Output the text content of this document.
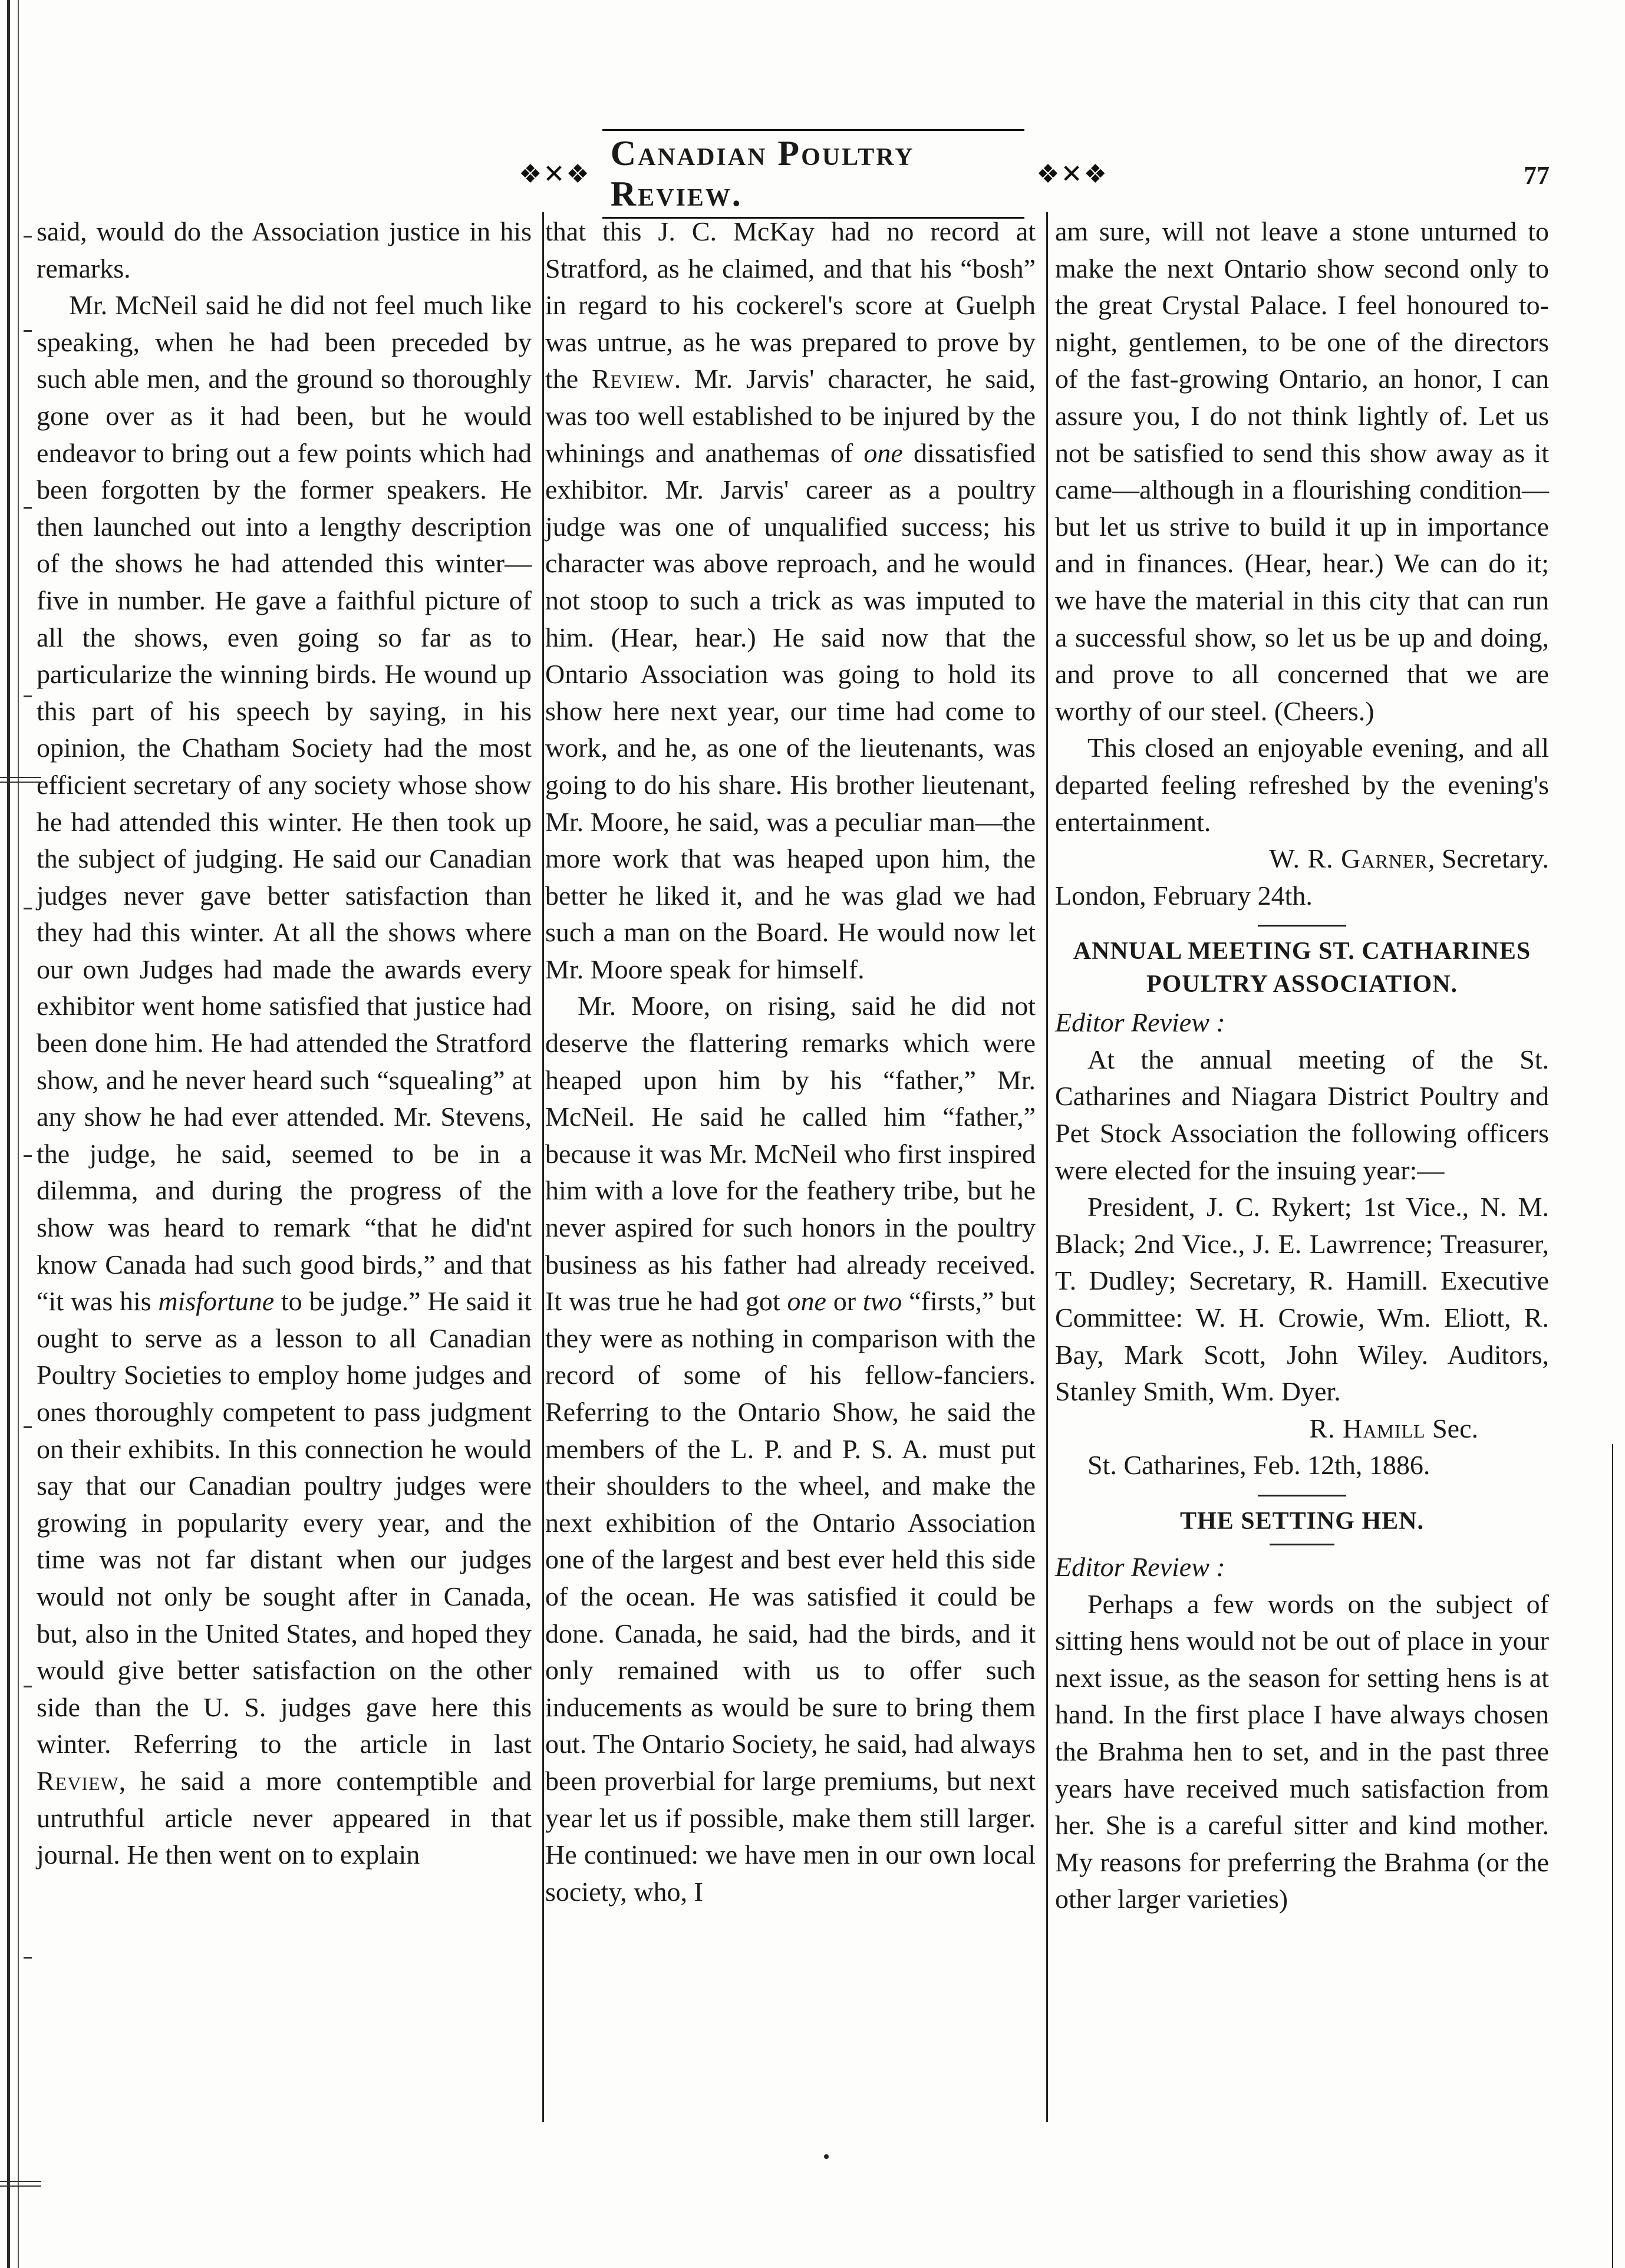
❖✕❖
Canadian Poultry Review.
❖✕❖	77

said, would do the Association justice in his remarks.

Mr. McNeil said he did not feel much like speaking, when he had been preceded by such able men, and the ground so thoroughly gone over as it had been, but he would endeavor to bring out a few points which had been forgotten by the former speakers. He then launched out into a lengthy description of the shows he had attended this winter—five in number. He gave a faithful picture of all the shows, even going so far as to particularize the winning birds. He wound up this part of his speech by saying, in his opinion, the Chatham Society had the most efficient secretary of any society whose show he had attended this winter. He then took up the subject of judging. He said our Canadian judges never gave better satisfaction than they had this winter. At all the shows where our own Judges had made the awards every exhibitor went home satisfied that justice had been done him. He had attended the Stratford show, and he never heard such “squealing” at any show he had ever attended. Mr. Stevens, the judge, he said, seemed to be in a dilemma, and during the progress of the show was heard to remark “that he did'nt know Canada had such good birds,” and that “it was his misfortune to be judge.” He said it ought to serve as a lesson to all Canadian Poultry Societies to employ home judges and ones thoroughly competent to pass judgment on their exhibits. In this connection he would say that our Canadian poultry judges were growing in popularity every year, and the time was not far distant when our judges would not only be sought after in Canada, but, also in the United States, and hoped they would give better satisfaction on the other side than the U. S. judges gave here this winter. Referring to the article in last Review, he said a more contemptible and untruthful article never appeared in that journal. He then went on to explain

that this J. C. McKay had no record at Stratford, as he claimed, and that his “bosh” in regard to his cockerel's score at Guelph was untrue, as he was prepared to prove by the Review. Mr. Jarvis' character, he said, was too well established to be injured by the whinings and anathemas of one dissatisfied exhibitor. Mr. Jarvis' career as a poultry judge was one of unqualified success; his character was above reproach, and he would not stoop to such a trick as was imputed to him. (Hear, hear.) He said now that the Ontario Association was going to hold its show here next year, our time had come to work, and he, as one of the lieutenants, was going to do his share. His brother lieutenant, Mr. Moore, he said, was a peculiar man—the more work that was heaped upon him, the better he liked it, and he was glad we had such a man on the Board. He would now let Mr. Moore speak for himself.

Mr. Moore, on rising, said he did not deserve the flattering remarks which were heaped upon him by his “father,” Mr. McNeil. He said he called him “father,” because it was Mr. McNeil who first inspired him with a love for the feathery tribe, but he never aspired for such honors in the poultry business as his father had already received. It was true he had got one or two “firsts,” but they were as nothing in comparison with the record of some of his fellow-fanciers. Referring to the Ontario Show, he said the members of the L. P. and P. S. A. must put their shoulders to the wheel, and make the next exhibition of the Ontario Association one of the largest and best ever held this side of the ocean. He was satisfied it could be done. Canada, he said, had the birds, and it only remained with us to offer such inducements as would be sure to bring them out. The Ontario Society, he said, had always been proverbial for large premiums, but next year let us if possible, make them still larger. He continued: we have men in our own local society, who, I

am sure, will not leave a stone unturned to make the next Ontario show second only to the great Crystal Palace. I feel honoured to-night, gentlemen, to be one of the directors of the fast-growing Ontario, an honor, I can assure you, I do not think lightly of. Let us not be satisfied to send this show away as it came—although in a flourishing condition—but let us strive to build it up in importance and in finances. (Hear, hear.) We can do it; we have the material in this city that can run a successful show, so let us be up and doing, and prove to all concerned that we are worthy of our steel. (Cheers.)

This closed an enjoyable evening, and all departed feeling refreshed by the evening's entertainment.

W. R. Garner, Secretary.

London, February 24th.

ANNUAL MEETING ST. CATHARINES POULTRY ASSOCIATION.

Editor Review :

At the annual meeting of the St. Catharines and Niagara District Poultry and Pet Stock Association the following officers were elected for the insuing year:—

President, J. C. Rykert; 1st Vice., N. M. Black; 2nd Vice., J. E. Lawrrence; Treasurer, T. Dudley; Secretary, R. Hamill. Executive Committee: W. H. Crowie, Wm. Eliott, R. Bay, Mark Scott, John Wiley. Auditors, Stanley Smith, Wm. Dyer.

R. Hamill Sec.

St. Catharines, Feb. 12th, 1886.

THE SETTING HEN.

Editor Review :

Perhaps a few words on the subject of sitting hens would not be out of place in your next issue, as the season for setting hens is at hand. In the first place I have always chosen the Brahma hen to set, and in the past three years have received much satisfaction from her. She is a careful sitter and kind mother. My reasons for preferring the Brahma (or the other larger varieties)
